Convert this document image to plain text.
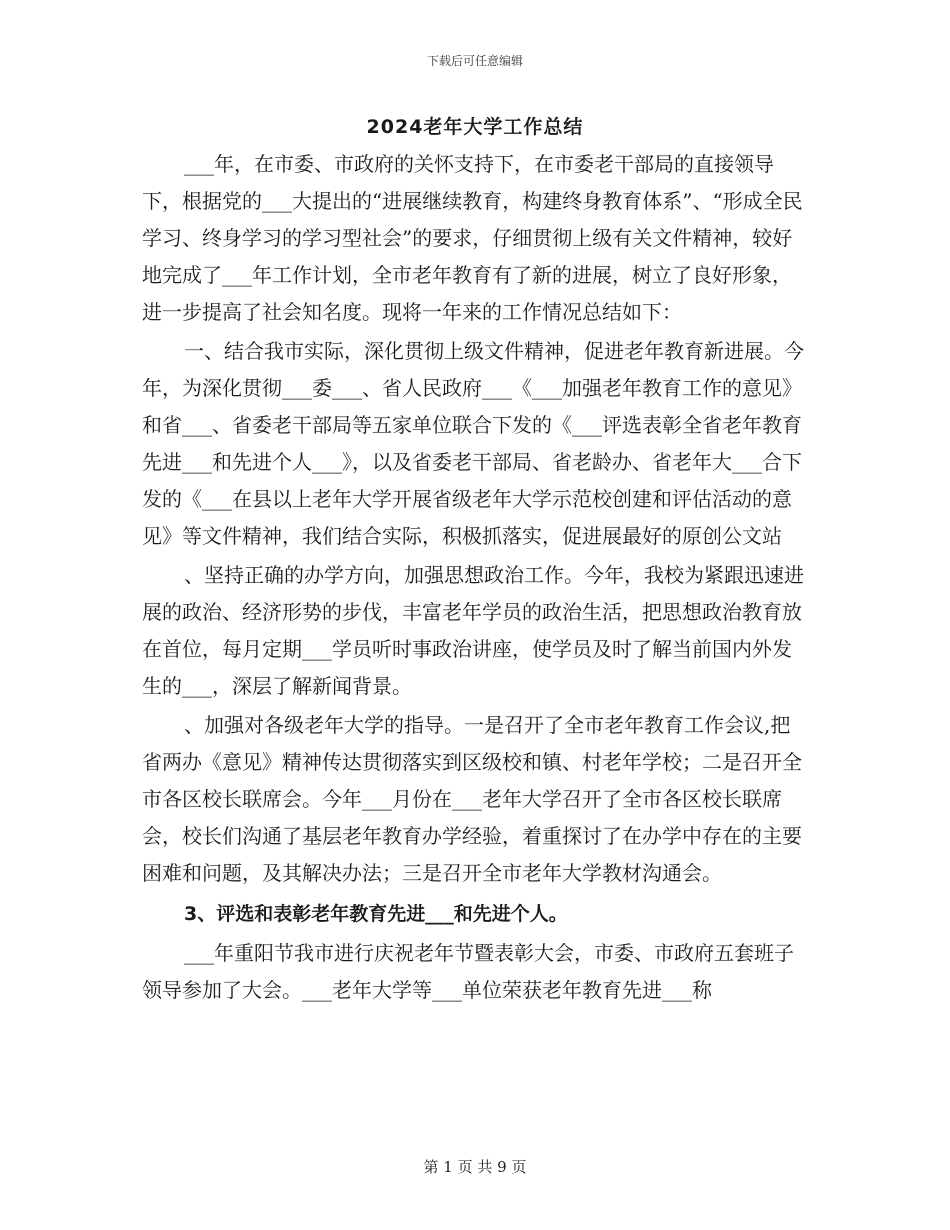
下载后可任意编辑
2024老年大学工作总结

___年，在市委、市政府的关怀支持下，在市委老干部局的直接领导下，根据党的___大提出的“进展继续教育，构建终身教育体系”、“形成全民学习、终身学习的学习型社会”的要求，仔细贯彻上级有关文件精神，较好地完成了___年工作计划，全市老年教育有了新的进展，树立了良好形象，进一步提高了社会知名度。现将一年来的工作情况总结如下：

一、结合我市实际，深化贯彻上级文件精神，促进老年教育新进展。今年，为深化贯彻___委___、省人民政府___《___加强老年教育工作的意见》和省___、省委老干部局等五家单位联合下发的《___评选表彰全省老年教育先进___和先进个人___》，以及省委老干部局、省老龄办、省老年大___合下发的《___在县以上老年大学开展省级老年大学示范校创建和评估活动的意见》等文件精神，我们结合实际，积极抓落实，促进展最好的原创公文站

、坚持正确的办学方向，加强思想政治工作。今年，我校为紧跟迅速进展的政治、经济形势的步伐，丰富老年学员的政治生活，把思想政治教育放在首位，每月定期___学员听时事政治讲座，使学员及时了解当前国内外发生的___，深层了解新闻背景。

、加强对各级老年大学的指导。一是召开了全市老年教育工作会议,把省两办《意见》精神传达贯彻落实到区级校和镇、村老年学校；二是召开全市各区校长联席会。今年___月份在___老年大学召开了全市各区校长联席会，校长们沟通了基层老年教育办学经验，着重探讨了在办学中存在的主要困难和问题，及其解决办法；三是召开全市老年大学教材沟通会。

3、评选和表彰老年教育先进___和先进个人。

___年重阳节我市进行庆祝老年节暨表彰大会，市委、市政府五套班子领导参加了大会。___老年大学等___单位荣获老年教育先进___称

第 1 页 共 9 页
